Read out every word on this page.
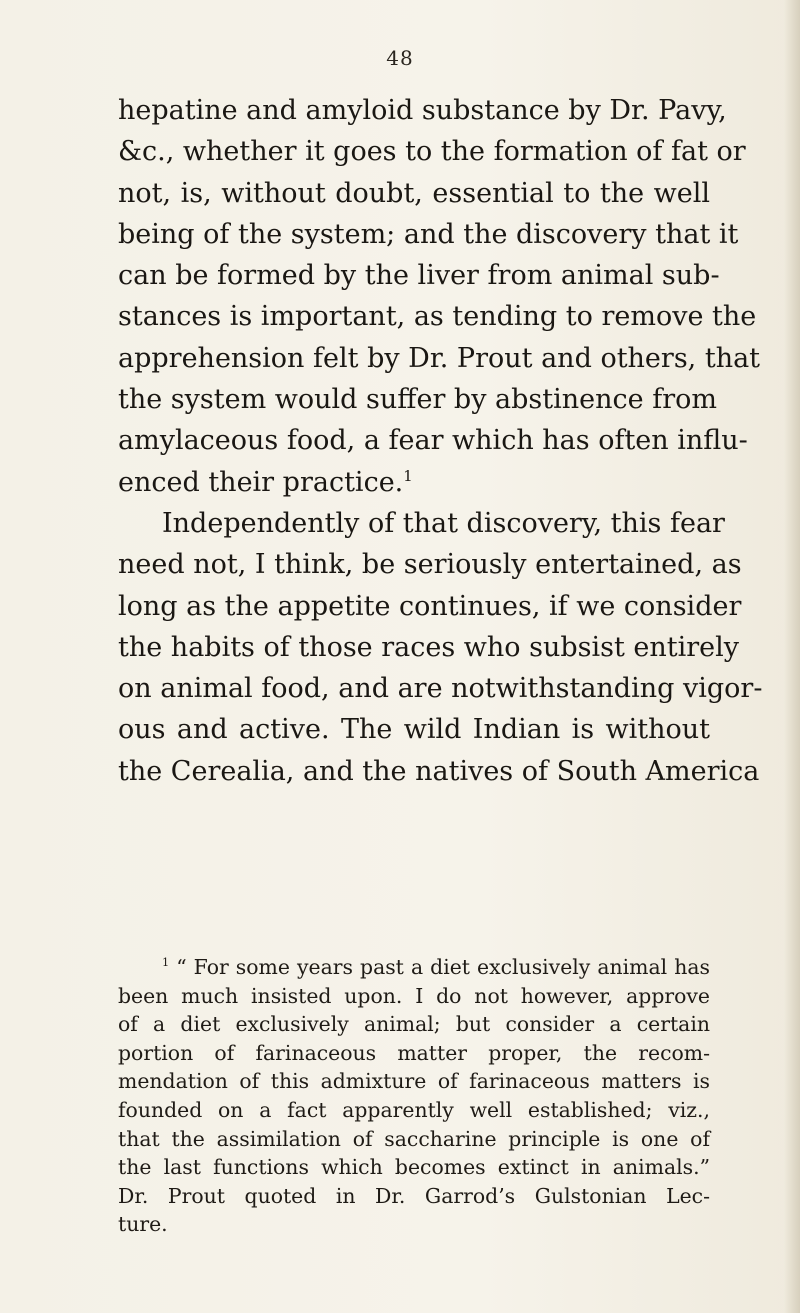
48
hepatine and amyloid substance by Dr. Pavy,
&c., whether it goes to the formation of fat or
not, is, without doubt, essential to the well
being of the system; and the discovery that it
can be formed by the liver from animal sub-
stances is important, as tending to remove the
apprehension felt by Dr. Prout and others, that
the system would suffer by abstinence from
amylaceous food, a fear which has often influ-
enced their practice.$^1$
Independently of that discovery, this fear
need not, I think, be seriously entertained, as
long as the appetite continues, if we consider
the habits of those races who subsist entirely
on animal food, and are notwithstanding vigor-
ous and active. The wild Indian is without
the Cerealia, and the natives of South America
$^1$ “ For some years past a diet exclusively animal has
been much insisted upon. I do not however, approve
of a diet exclusively animal; but consider a certain
portion of farinaceous matter proper, the recom-
mendation of this admixture of farinaceous matters is
founded on a fact apparently well established; viz.,
that the assimilation of saccharine principle is one of
the last functions which becomes extinct in animals.”
Dr. Prout quoted in Dr. Garrod’s Gulstonian Lec-
ture.
